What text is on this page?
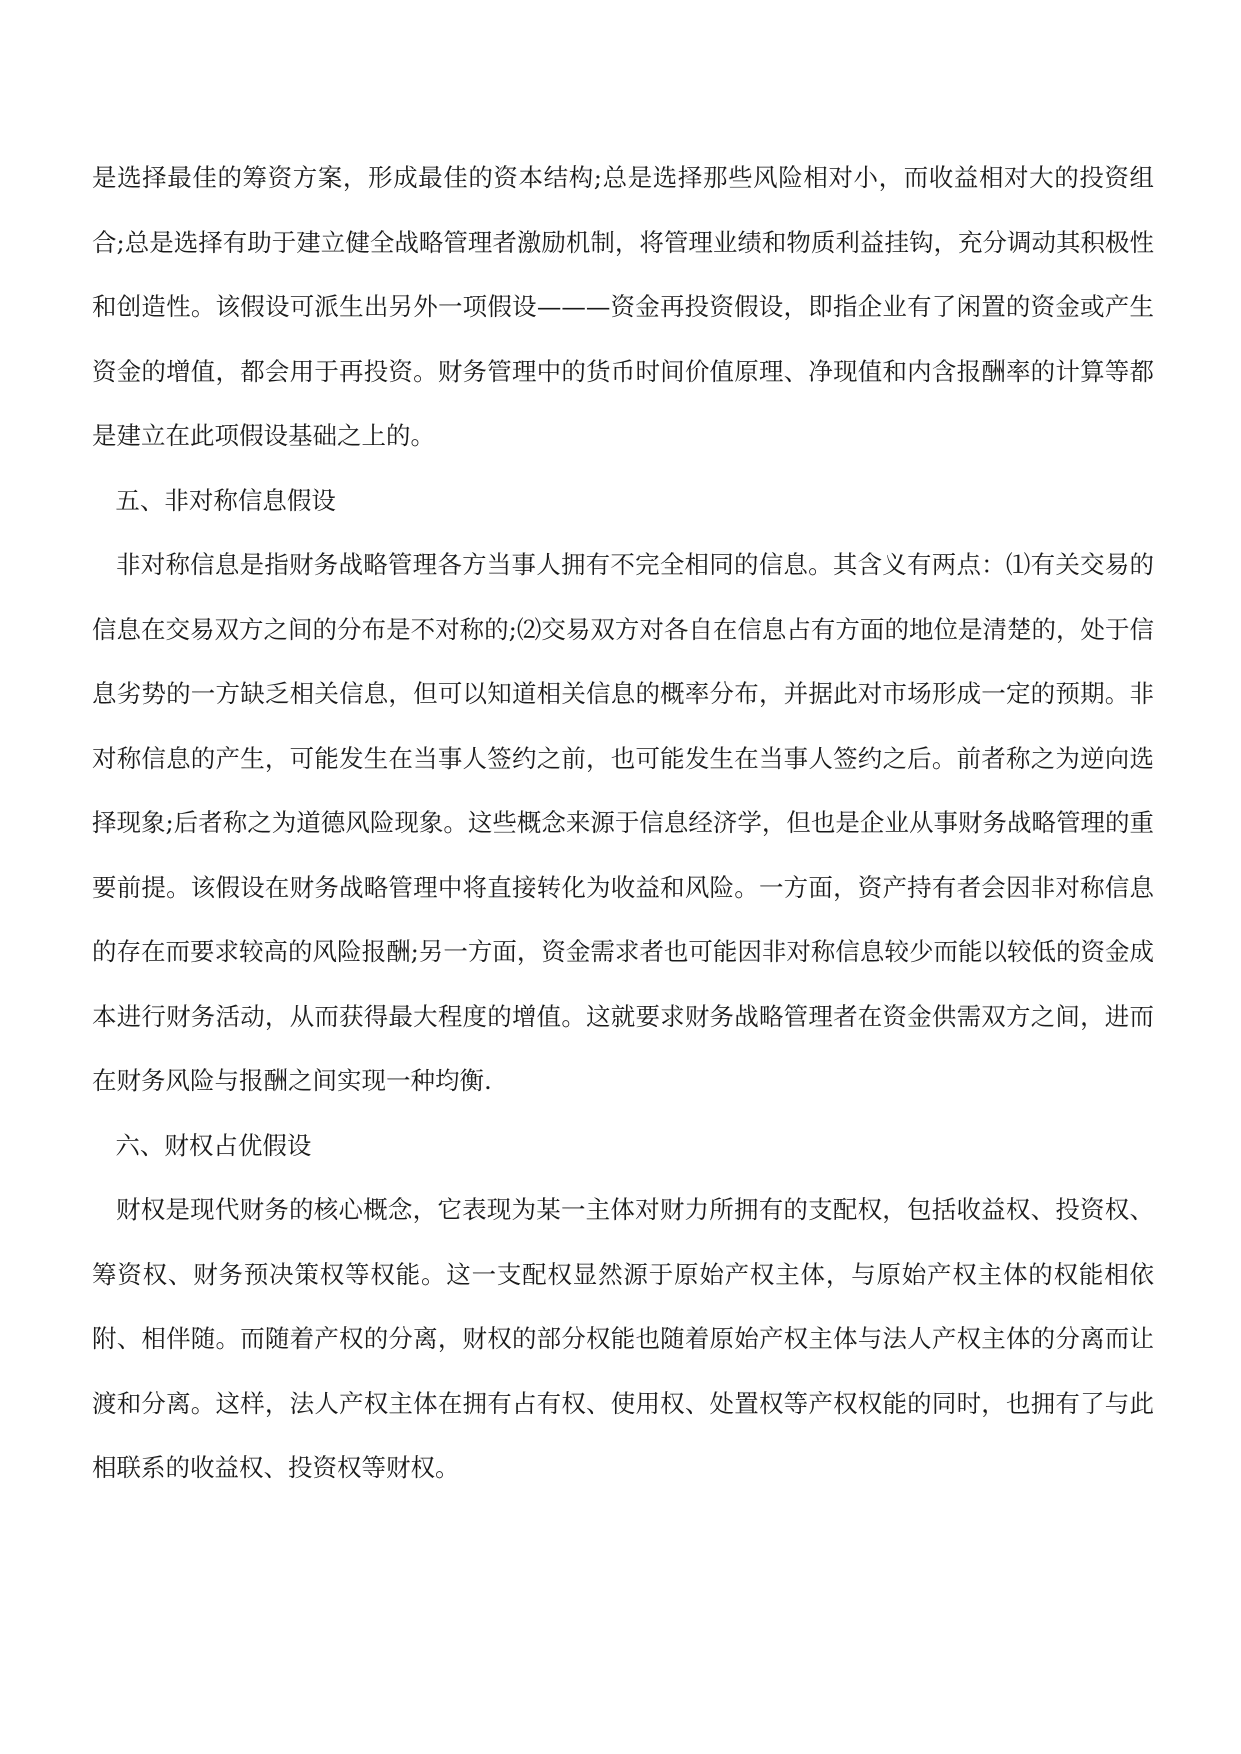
是选择最佳的筹资方案，形成最佳的资本结构;总是选择那些风险相对小，而收益相对大的投资组合;总是选择有助于建立健全战略管理者激励机制，将管理业绩和物质利益挂钩，充分调动其积极性和创造性。该假设可派生出另外一项假设———资金再投资假设，即指企业有了闲置的资金或产生资金的增值，都会用于再投资。财务管理中的货币时间价值原理、净现值和内含报酬率的计算等都是建立在此项假设基础之上的。

五、非对称信息假设

非对称信息是指财务战略管理各方当事人拥有不完全相同的信息。其含义有两点：⑴有关交易的信息在交易双方之间的分布是不对称的;⑵交易双方对各自在信息占有方面的地位是清楚的，处于信息劣势的一方缺乏相关信息，但可以知道相关信息的概率分布，并据此对市场形成一定的预期。非对称信息的产生，可能发生在当事人签约之前，也可能发生在当事人签约之后。前者称之为逆向选择现象;后者称之为道德风险现象。这些概念来源于信息经济学，但也是企业从事财务战略管理的重要前提。该假设在财务战略管理中将直接转化为收益和风险。一方面，资产持有者会因非对称信息的存在而要求较高的风险报酬;另一方面，资金需求者也可能因非对称信息较少而能以较低的资金成本进行财务活动，从而获得最大程度的增值。这就要求财务战略管理者在资金供需双方之间，进而在财务风险与报酬之间实现一种均衡.

六、财权占优假设

财权是现代财务的核心概念，它表现为某一主体对财力所拥有的支配权，包括收益权、投资权、筹资权、财务预决策权等权能。这一支配权显然源于原始产权主体，与原始产权主体的权能相依附、相伴随。而随着产权的分离，财权的部分权能也随着原始产权主体与法人产权主体的分离而让渡和分离。这样，法人产权主体在拥有占有权、使用权、处置权等产权权能的同时，也拥有了与此相联系的收益权、投资权等财权。
